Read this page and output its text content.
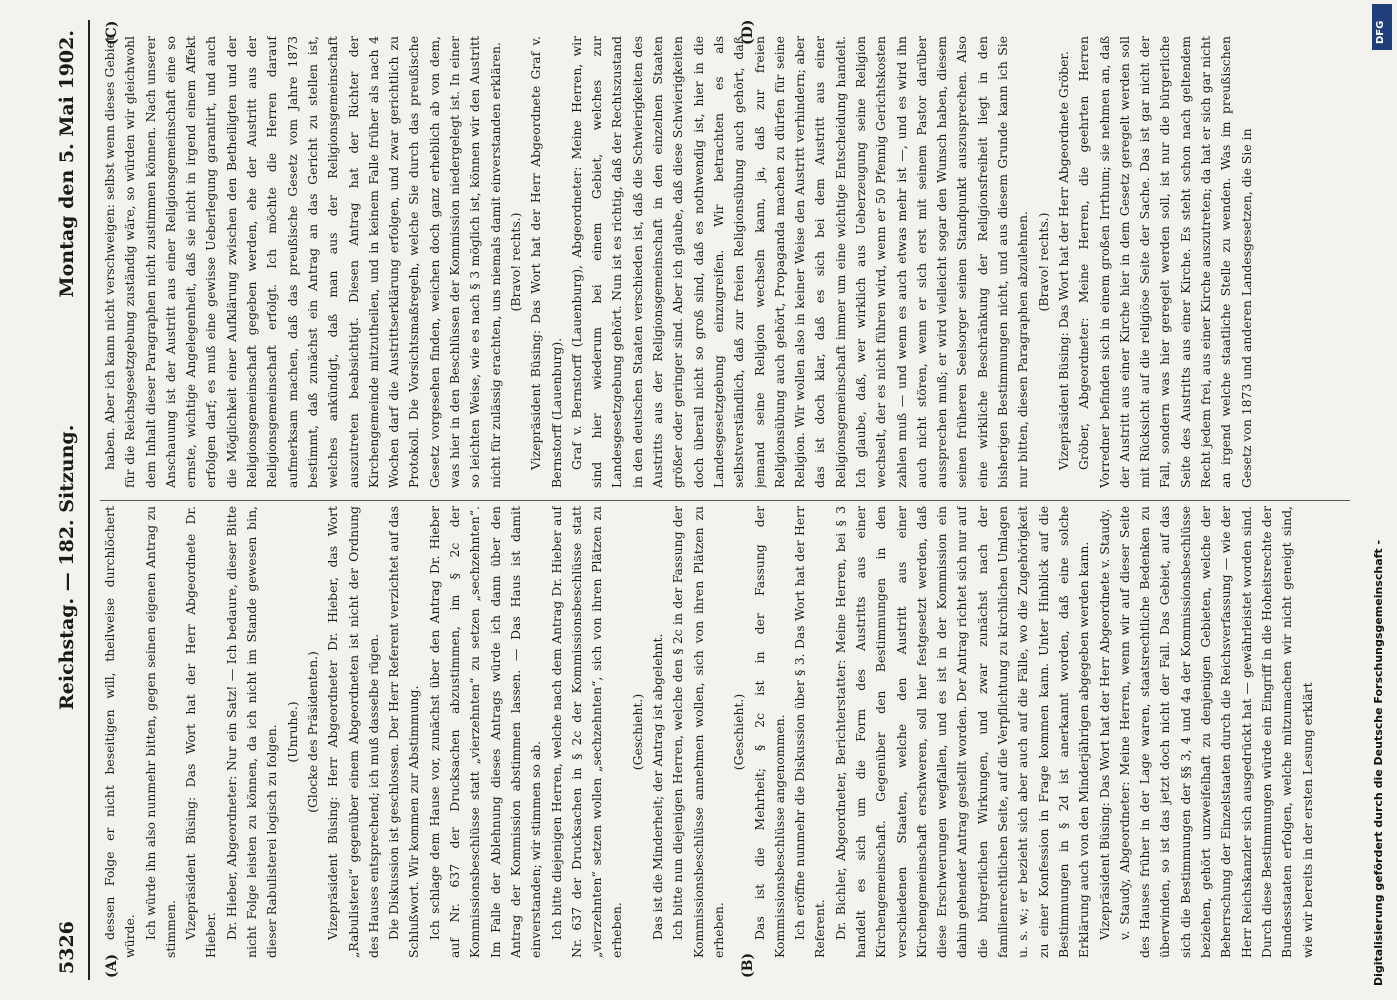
5326
Reichstag. — 182. Sitzung.
Montag den 5. Mai 1902.

dessen Folge er nicht beseitigen will, theilweise durchlöchert würde. Ich würde ihn also nunmehr bitten, gegen seinen eigenen Antrag zu stimmen. Vizepräsident Büsing: Das Wort hat der Herr Abgeordnete Dr. Hieber. Dr. Hieber, Abgeordneter: Nur ein Satz! — Ich bedaure, dieser Bitte nicht Folge leisten zu können, da ich nicht im Stande gewesen bin, dieser Rabulisterei logisch zu folgen. (Unruhe.) (Glocke des Präsidenten.) Vizepräsident Büsing: Herr Abgeordneter Dr. Hieber, das Wort „Rabulisterei“ gegenüber einem Abgeordneten ist nicht der Ordnung des Hauses entsprechend; ich muß dasselbe rügen. Die Diskussion ist geschlossen. Der Herr Referent verzichtet auf das Schlußwort. Wir kommen zur Abstimmung. Ich schlage dem Hause vor, zunächst über den Antrag Dr. Hieber auf Nr. 637 der Drucksachen abzustimmen, im § 2c der Kommissionsbeschlüsse statt „vierzehnten“ zu setzen „sechzehnten“. Im Falle der Ablehnung dieses Antrags würde ich dann über den Antrag der Kommission abstimmen lassen. — Das Haus ist damit einverstanden; wir stimmen so ab. Ich bitte diejenigen Herren, welche nach dem Antrag Dr. Hieber auf Nr. 637 der Drucksachen in § 2c der Kommissionsbeschlüsse statt „vierzehnten“ setzen wollen „sechzehnten“, sich von ihren Plätzen zu erheben.

(Geschieht.) Das ist die Minderheit; der Antrag ist abgelehnt. Ich bitte nun diejenigen Herren, welche den § 2c in der Fassung der Kommissionsbeschlüsse annehmen wollen, sich von ihren Plätzen zu erheben.

(Geschieht.) Das ist die Mehrheit; § 2c ist in der Fassung der Kommissionsbeschlüsse angenommen. Ich eröffne nunmehr die Diskussion über § 3. Das Wort hat der Herr Referent. Dr. Bichler, Abgeordneter, Berichterstatter: Meine Herren, bei § 3 handelt es sich um die Form des Austritts aus einer Kirchengemeinschaft. Gegenüber den Bestimmungen in den verschiedenen Staaten, welche den Austritt aus einer Kirchengemeinschaft erschweren, soll hier festgesetzt werden, daß diese Erschwerungen wegfallen, und es ist in der Kommission ein dahin gehender Antrag gestellt worden. Der Antrag richtet sich nur auf die bürgerlichen Wirkungen, und zwar zunächst nach der familienrechtlichen Seite, auf die Verpflichtung zu kirchlichen Umlagen u. s. w.; er bezieht sich aber auch auf die Fälle, wo die Zugehörigkeit zu einer Konfession in Frage kommen kann. Unter Hinblick auf die Bestimmungen in § 2d ist anerkannt worden, daß eine solche Erklärung auch von den Minderjährigen abgegeben werden kann. Vizepräsident Büsing: Das Wort hat der Herr Abgeordnete v. Staudy. v. Staudy, Abgeordneter: Meine Herren, wenn wir auf dieser Seite des Hauses früher in der Lage waren, staatsrechtliche Bedenken zu überwinden, so ist das jetzt doch nicht der Fall. Das Gebiet, auf das sich die Bestimmungen der §§ 3, 4 und 4a der Kommissionsbeschlüsse beziehen, gehört unzweifelhaft zu denjenigen Gebieten, welche der Beherrschung der Einzelstaaten durch die Reichsverfassung — wie der Herr Reichskanzler sich ausgedrückt hat — gewährleistet worden sind. Durch diese Bestimmungen würde ein Eingriff in die Hoheitsrechte der Bundesstaaten erfolgen, welche mitzumachen wir nicht geneigt sind, wie wir bereits in der ersten Lesung erklärt

haben. Aber ich kann nicht verschweigen: selbst wenn dieses Gebiet für die Reichsgesetzgebung zuständig wäre, so würden wir gleichwohl dem Inhalt dieser Paragraphen nicht zustimmen können. Nach unserer Anschauung ist der Austritt aus einer Religionsgemeinschaft eine so ernste, wichtige Angelegenheit, daß sie nicht in irgend einem Affekt erfolgen darf; es muß eine gewisse Ueberlegung garantirt, und auch die Möglichkeit einer Aufklärung zwischen den Betheiligten und der Religionsgemeinschaft gegeben werden, ehe der Austritt aus der Religionsgemeinschaft erfolgt. Ich möchte die Herren darauf aufmerksam machen, daß das preußische Gesetz vom Jahre 1873 bestimmt, daß zunächst ein Antrag an das Gericht zu stellen ist, welches ankündigt, daß man aus der Religionsgemeinschaft auszutreten beabsichtigt. Diesen Antrag hat der Richter der Kirchengemeinde mitzutheilen, und in keinem Falle früher als nach 4 Wochen darf die Austrittserklärung erfolgen, und zwar gerichtlich zu Protokoll. Die Vorsichtsmaßregeln, welche Sie durch das preußische Gesetz vorgesehen finden, weichen doch ganz erheblich ab von dem, was hier in den Beschlüssen der Kommission niedergelegt ist. In einer so leichten Weise, wie es nach § 3 möglich ist, können wir den Austritt nicht für zulässig erachten, uns niemals damit einverstanden erklären. (Bravo! rechts.) Vizepräsident Büsing: Das Wort hat der Herr Abgeordnete Graf v. Bernstorff (Lauenburg). Graf v. Bernstorff (Lauenburg), Abgeordneter: Meine Herren, wir sind hier wiederum bei einem Gebiet, welches zur Landesgesetzgebung gehört. Nun ist es richtig, daß der Rechtszustand in den deutschen Staaten verschieden ist, daß die Schwierigkeiten des Austritts aus der Religionsgemeinschaft in den einzelnen Staaten größer oder geringer sind. Aber ich glaube, daß diese Schwierigkeiten doch überall nicht so groß sind, daß es nothwendig ist, hier in die Landesgesetzgebung einzugreifen. Wir betrachten es als selbstverständlich, daß zur freien Religionsübung auch gehört, daß jemand seine Religion wechseln kann, ja, daß zur freien Religionsübung auch gehört, Propaganda machen zu dürfen für seine Religion. Wir wollen also in keiner Weise den Austritt verhindern; aber das ist doch klar, daß es sich bei dem Austritt aus einer Religionsgemeinschaft immer um eine wichtige Entscheidung handelt. Ich glaube, daß, wer wirklich aus Ueberzeugung seine Religion wechselt, der es nicht führen wird, wenn er 50 Pfennig Gerichtskosten zahlen muß — und wenn es auch etwas mehr ist —, und es wird ihn auch nicht stören, wenn er sich erst mit seinem Pastor darüber aussprechen muß; er wird vielleicht sogar den Wunsch haben, diesem seinen früheren Seelsorger seinen Standpunkt auszusprechen. Also eine wirkliche Beschränkung der Religionsfreiheit liegt in den bisherigen Bestimmungen nicht, und aus diesem Grunde kann ich Sie nur bitten, diesen Paragraphen abzulehnen. (Bravo! rechts.) Vizepräsident Büsing: Das Wort hat der Herr Abgeordnete Gröber. Gröber, Abgeordneter: Meine Herren, die geehrten Herren Vorredner befinden sich in einem großen Irrthum; sie nehmen an, daß der Austritt aus einer Kirche hier in dem Gesetz geregelt werden soll mit Rücksicht auf die religiöse Seite der Sache. Das ist gar nicht der Fall, sondern was hier geregelt werden soll, ist nur die bürgerliche Seite des Austritts aus einer Kirche. Es steht schon nach geltendem Recht jedem frei, aus einer Kirche auszutreten; da hat er sich gar nicht an irgend welche staatliche Stelle zu wenden. Was im preußischen Gesetz von 1873 und anderen Landesgesetzen, die Sie in

(A)	(B)
(C)	(D)	DFG
Digitalisierung gefördert durch die Deutsche Forschungsgemeinschaft -
